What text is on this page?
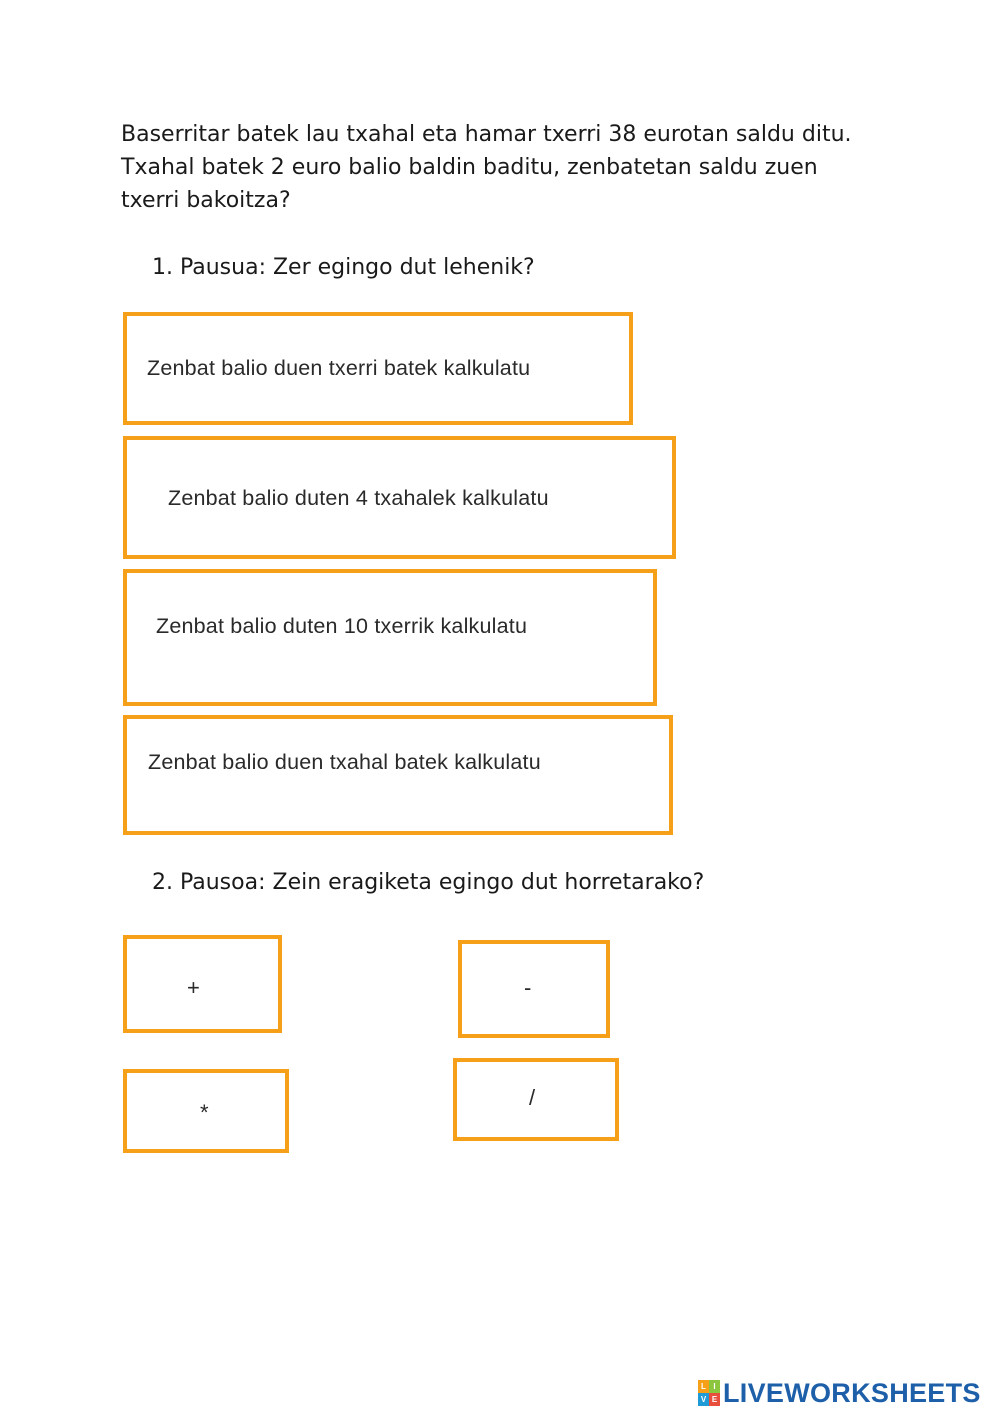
Baserritar batek lau txahal eta hamar txerri 38 eurotan saldu ditu. Txahal batek 2 euro balio baldin baditu, zenbatetan saldu zuen txerri bakoitza?

1. Pausua: Zer egingo dut lehenik?
Zenbat balio duen txerri batek kalkulatu
Zenbat balio duten 4 txahalek kalkulatu
Zenbat balio duten 10 txerrik kalkulatu
Zenbat balio duen txahal batek kalkulatu
2. Pausoa: Zein eragiketa egingo dut horretarako?
+	-
*
/
L I
V E LIVEWORKSHEETS
